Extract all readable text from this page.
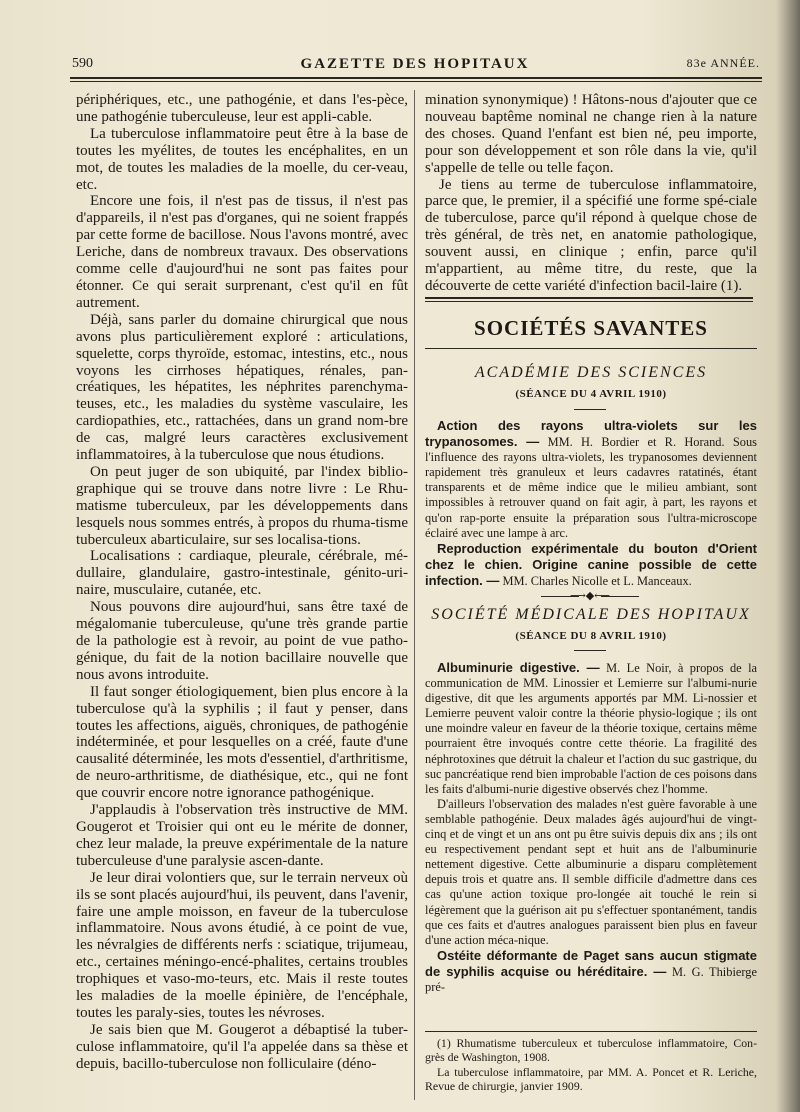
590	GAZETTE DES HOPITAUX	83e ANNÉE.

périphériques, etc., une pathogénie, et dans l'es-pèce, une pathogénie tuberculeuse, leur est appli-cable.

La tuberculose inflammatoire peut être à la base de toutes les myélites, de toutes les encéphalites, en un mot, de toutes les maladies de la moelle, du cer-veau, etc.

Encore une fois, il n'est pas de tissus, il n'est pas d'appareils, il n'est pas d'organes, qui ne soient frappés par cette forme de bacillose. Nous l'avons montré, avec Leriche, dans de nombreux travaux. Des observations comme celle d'aujourd'hui ne sont pas faites pour étonner. Ce qui serait surprenant, c'est qu'il en fût autrement.

Déjà, sans parler du domaine chirurgical que nous avons plus particulièrement exploré : articulations, squelette, corps thyroïde, estomac, intestins, etc., nous voyons les cirrhoses hépatiques, rénales, pan-créatiques, les hépatites, les néphrites parenchyma-teuses, etc., les maladies du système vasculaire, les cardiopathies, etc., rattachées, dans un grand nom-bre de cas, malgré leurs caractères exclusivement inflammatoires, à la tuberculose que nous étudions.

On peut juger de son ubiquité, par l'index biblio-graphique qui se trouve dans notre livre : Le Rhu-matisme tuberculeux, par les développements dans lesquels nous sommes entrés, à propos du rhuma-tisme tuberculeux abarticulaire, sur ses localisa-tions.

Localisations : cardiaque, pleurale, cérébrale, mé-dullaire, glandulaire, gastro-intestinale, génito-uri-naire, musculaire, cutanée, etc.

Nous pouvons dire aujourd'hui, sans être taxé de mégalomanie tuberculeuse, qu'une très grande partie de la pathologie est à revoir, au point de vue patho-génique, du fait de la notion bacillaire nouvelle que nous avons introduite.

Il faut songer étiologiquement, bien plus encore à la tuberculose qu'à la syphilis ; il faut y penser, dans toutes les affections, aiguës, chroniques, de pathogénie indéterminée, et pour lesquelles on a créé, faute d'une causalité déterminée, les mots d'essentiel, d'arthritisme, de neuro-arthritisme, de diathésique, etc., qui ne font que couvrir encore notre ignorance pathogénique.

J'applaudis à l'observation très instructive de MM. Gougerot et Troisier qui ont eu le mérite de donner, chez leur malade, la preuve expérimentale de la nature tuberculeuse d'une paralysie ascen-dante.

Je leur dirai volontiers que, sur le terrain nerveux où ils se sont placés aujourd'hui, ils peuvent, dans l'avenir, faire une ample moisson, en faveur de la tuberculose inflammatoire. Nous avons étudié, à ce point de vue, les névralgies de différents nerfs : sciatique, trijumeau, etc., certaines méningo-encé-phalites, certains troubles trophiques et vaso-mo-teurs, etc. Mais il reste toutes les maladies de la moelle épinière, de l'encéphale, toutes les paraly-sies, toutes les névroses.

Je sais bien que M. Gougerot a débaptisé la tuber-culose inflammatoire, qu'il l'a appelée dans sa thèse et depuis, bacillo-tuberculose non folliculaire (déno-

mination synonymique) ! Hâtons-nous d'ajouter que ce nouveau baptême nominal ne change rien à la nature des choses. Quand l'enfant est bien né, peu importe, pour son développement et son rôle dans la vie, qu'il s'appelle de telle ou telle façon.

Je tiens au terme de tuberculose inflammatoire, parce que, le premier, il a spécifié une forme spé-ciale de tuberculose, parce qu'il répond à quelque chose de très général, de très net, en anatomie pathologique, souvent aussi, en clinique ; enfin, parce qu'il m'appartient, au même titre, du reste, que la découverte de cette variété d'infection bacil-laire (1).

SOCIÉTÉS SAVANTES
ACADÉMIE DES SCIENCES
(SÉANCE DU 4 AVRIL 1910)

Action des rayons ultra-violets sur les trypanosomes. — MM. H. Bordier et R. Horand. Sous l'influence des rayons ultra-violets, les trypanosomes deviennent rapidement très granuleux et leurs cadavres ratatinés, étant transparents et de même indice que le milieu ambiant, sont impossibles à retrouver quand on fait agir, à part, les rayons et qu'on rap-porte ensuite la préparation sous l'ultra-microscope éclairé avec une lampe à arc.

Reproduction expérimentale du bouton d'Orient chez le chien. Origine canine possible de cette infection. — MM. Charles Nicolle et L. Manceaux.

⟶◆⟵
SOCIÉTÉ MÉDICALE DES HOPITAUX
(SÉANCE DU 8 AVRIL 1910)

Albuminurie digestive. — M. Le Noir, à propos de la communication de MM. Linossier et Lemierre sur l'albumi-nurie digestive, dit que les arguments apportés par MM. Li-nossier et Lemierre peuvent valoir contre la théorie physio-logique ; ils ont une moindre valeur en faveur de la théorie toxique, certains même pourraient être invoqués contre cette théorie. La fragilité des néphrotoxines que détruit la chaleur et l'action du suc gastrique, du suc pancréatique rend bien improbable l'action de ces poisons dans les faits d'albumi-nurie digestive observés chez l'homme.

D'ailleurs l'observation des malades n'est guère favorable à une semblable pathogénie. Deux malades âgés aujourd'hui de vingt-cinq et de vingt et un ans ont pu être suivis depuis dix ans ; ils ont eu respectivement pendant sept et huit ans de l'albuminurie nettement digestive. Cette albuminurie a disparu complètement depuis trois et quatre ans. Il semble difficile d'admettre dans ces cas qu'une action toxique pro-longée ait touché le rein si légèrement que la guérison ait pu s'effectuer spontanément, tandis que ces faits et d'autres analogues paraissent bien plus en faveur d'une action méca-nique.

Ostéite déformante de Paget sans aucun stigmate de syphilis acquise ou héréditaire. — M. G. Thibierge pré-

(1) Rhumatisme tuberculeux et tuberculose inflammatoire, Con-grès de Washington, 1908.

La tuberculose inflammatoire, par MM. A. Poncet et R. Leriche, Revue de chirurgie, janvier 1909.
